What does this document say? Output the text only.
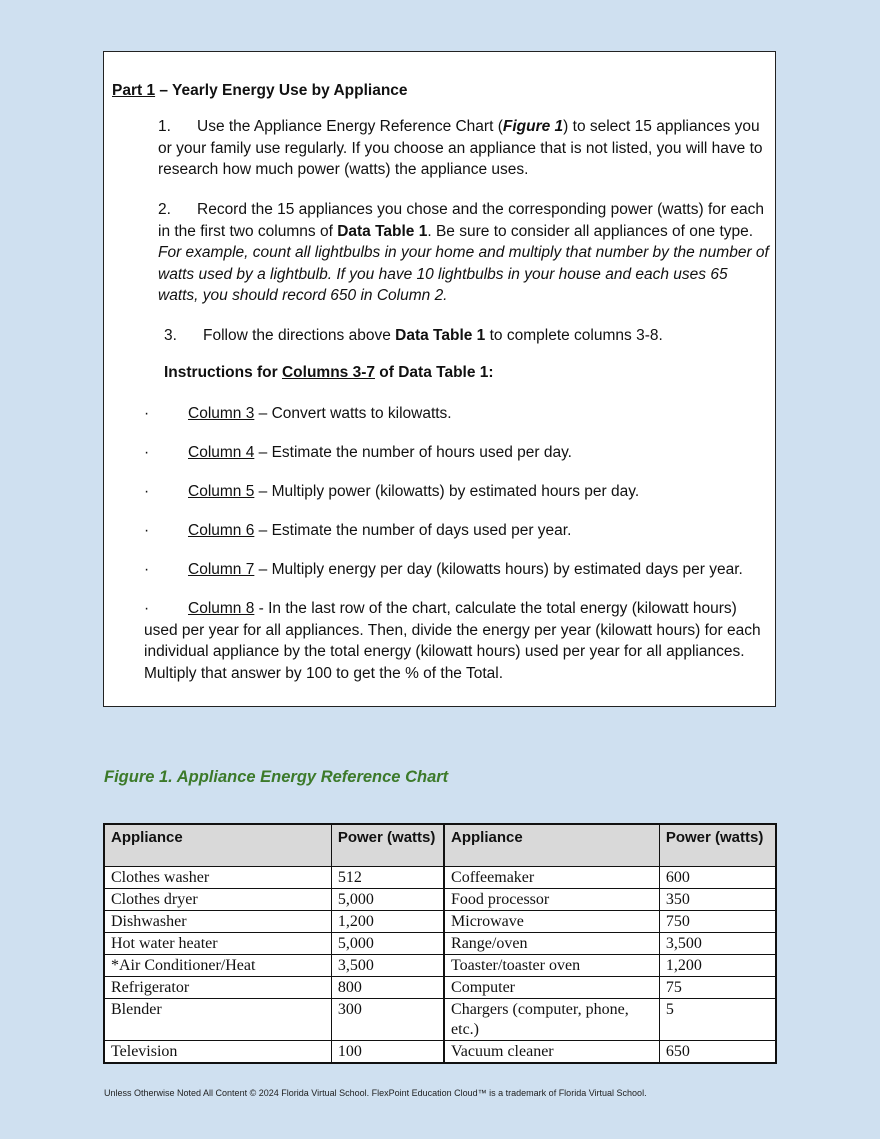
Part 1 – Yearly Energy Use by Appliance
1. Use the Appliance Energy Reference Chart (Figure 1) to select 15 appliances you or your family use regularly. If you choose an appliance that is not listed, you will have to research how much power (watts) the appliance uses.
2. Record the 15 appliances you chose and the corresponding power (watts) for each in the first two columns of Data Table 1. Be sure to consider all appliances of one type. For example, count all lightbulbs in your home and multiply that number by the number of watts used by a lightbulb. If you have 10 lightbulbs in your house and each uses 65 watts, you should record 650 in Column 2.
3. Follow the directions above Data Table 1 to complete columns 3-8.
Instructions for Columns 3-7 of Data Table 1:
·	Column 3 – Convert watts to kilowatts.
·	Column 4 – Estimate the number of hours used per day.
·	Column 5 – Multiply power (kilowatts) by estimated hours per day.
·	Column 6 – Estimate the number of days used per year.
·	Column 7 – Multiply energy per day (kilowatts hours) by estimated days per year.
·	Column 8 - In the last row of the chart, calculate the total energy (kilowatt hours) used per year for all appliances. Then, divide the energy per year (kilowatt hours) for each individual appliance by the total energy (kilowatt hours) used per year for all appliances. Multiply that answer by 100 to get the % of the Total.
Figure 1. Appliance Energy Reference Chart
Appliance	Power (watts)	Appliance	Power (watts)
Clothes washer	512	Coffeemaker	600
Clothes dryer	5,000	Food processor	350
Dishwasher	1,200	Microwave	750
Hot water heater	5,000	Range/oven	3,500
*Air Conditioner/Heat	3,500	Toaster/toaster oven	1,200
Refrigerator	800	Computer	75
Blender	300	Chargers (computer, phone, etc.)	5
Television	100	Vacuum cleaner	650
Unless Otherwise Noted All Content © 2024 Florida Virtual School. FlexPoint Education Cloud™ is a trademark of Florida Virtual School.
